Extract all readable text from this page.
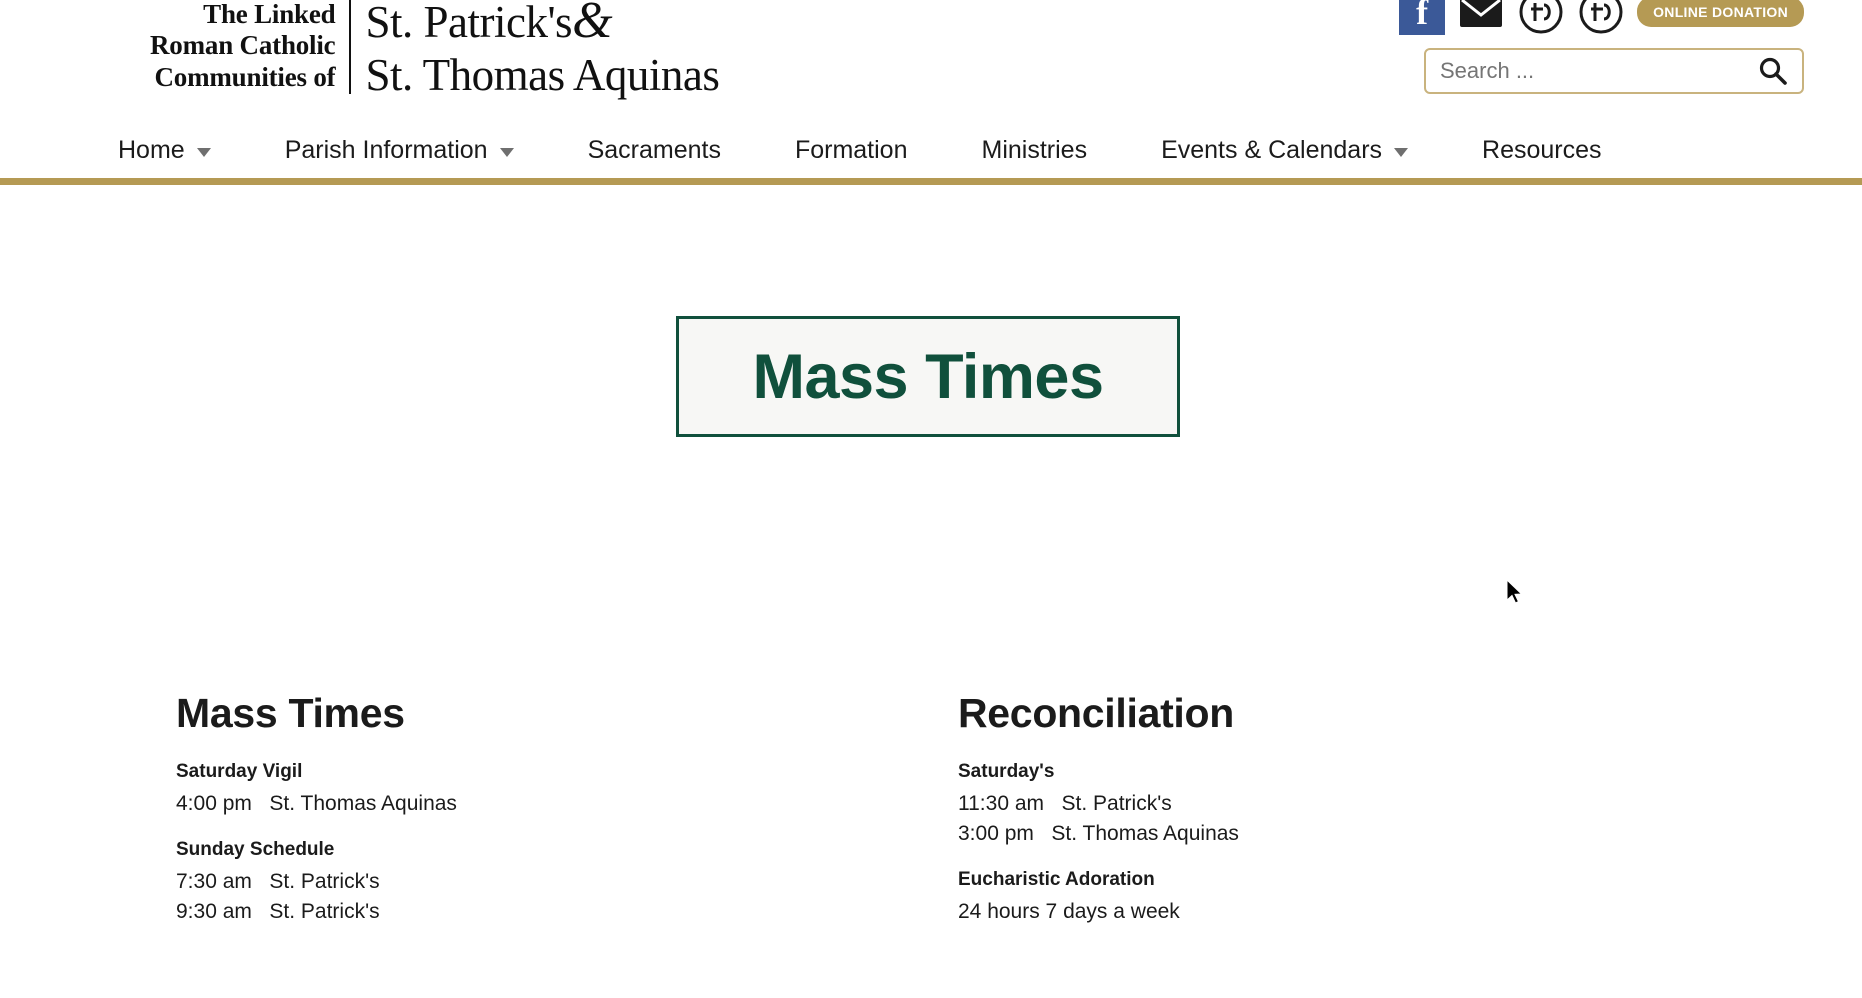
The Linked
Roman Catholic
Communities of
St. Patrick's&
St. Thomas Aquinas
f	ONLINE DONATION
Search ...
Home	Parish Information	Sacraments	Formation	Ministries	Events & Calendars	Resources
Mass Times
Mass Times
Saturday Vigil
4:00 pm   St. Thomas Aquinas
Sunday Schedule
7:30 am   St. Patrick's
9:30 am   St. Patrick's
Reconciliation
Saturday's
11:30 am   St. Patrick's
3:00 pm   St. Thomas Aquinas
Eucharistic Adoration
24 hours 7 days a week
